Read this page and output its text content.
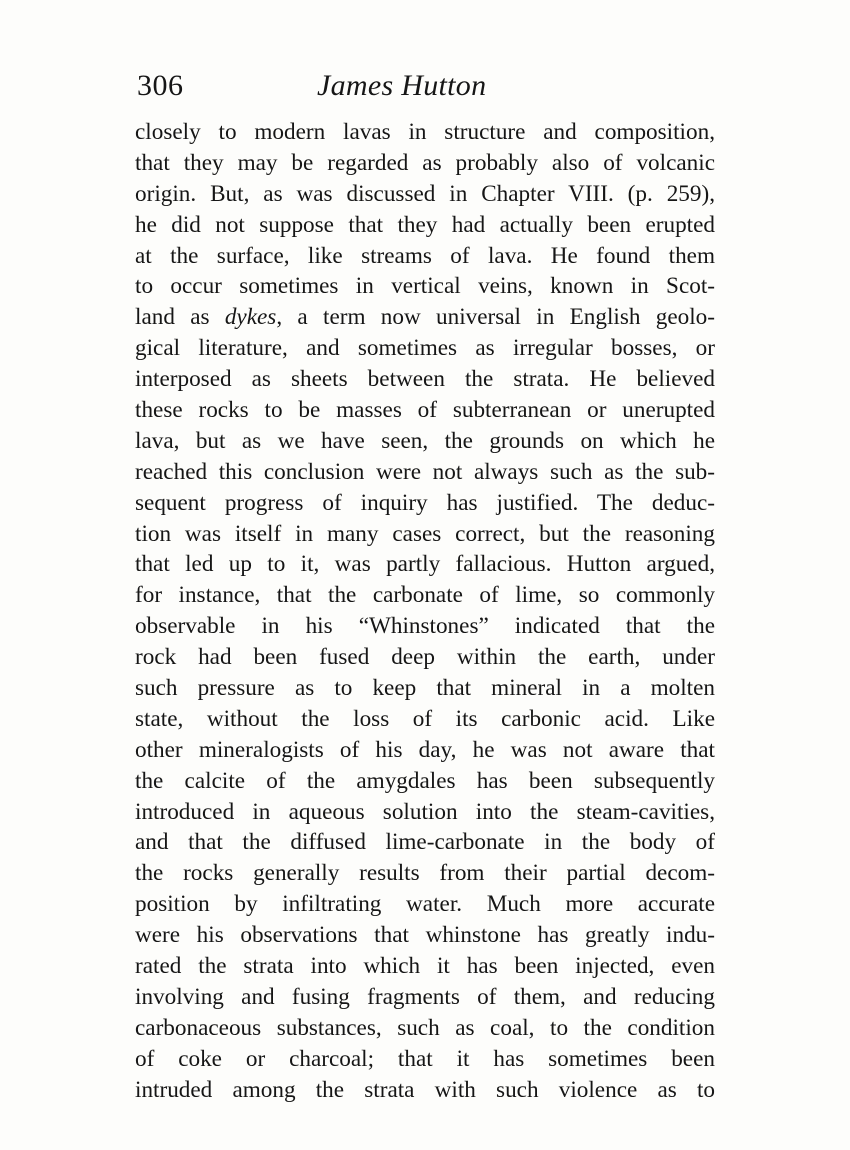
306	James Hutton
closely to modern lavas in structure and composition,
that they may be regarded as probably also of volcanic
origin. But, as was discussed in Chapter VIII. (p. 259),
he did not suppose that they had actually been erupted
at the surface, like streams of lava. He found them
to occur sometimes in vertical veins, known in Scot-
land as dykes, a term now universal in English geolo-
gical literature, and sometimes as irregular bosses, or
interposed as sheets between the strata. He believed
these rocks to be masses of subterranean or unerupted
lava, but as we have seen, the grounds on which he
reached this conclusion were not always such as the sub-
sequent progress of inquiry has justified. The deduc-
tion was itself in many cases correct, but the reasoning
that led up to it, was partly fallacious. Hutton argued,
for instance, that the carbonate of lime, so commonly
observable in his “Whinstones” indicated that the
rock had been fused deep within the earth, under
such pressure as to keep that mineral in a molten
state, without the loss of its carbonic acid. Like
other mineralogists of his day, he was not aware that
the calcite of the amygdales has been subsequently
introduced in aqueous solution into the steam-cavities,
and that the diffused lime-carbonate in the body of
the rocks generally results from their partial decom-
position by infiltrating water. Much more accurate
were his observations that whinstone has greatly indu-
rated the strata into which it has been injected, even
involving and fusing fragments of them, and reducing
carbonaceous substances, such as coal, to the condition
of coke or charcoal; that it has sometimes been
intruded among the strata with such violence as to
